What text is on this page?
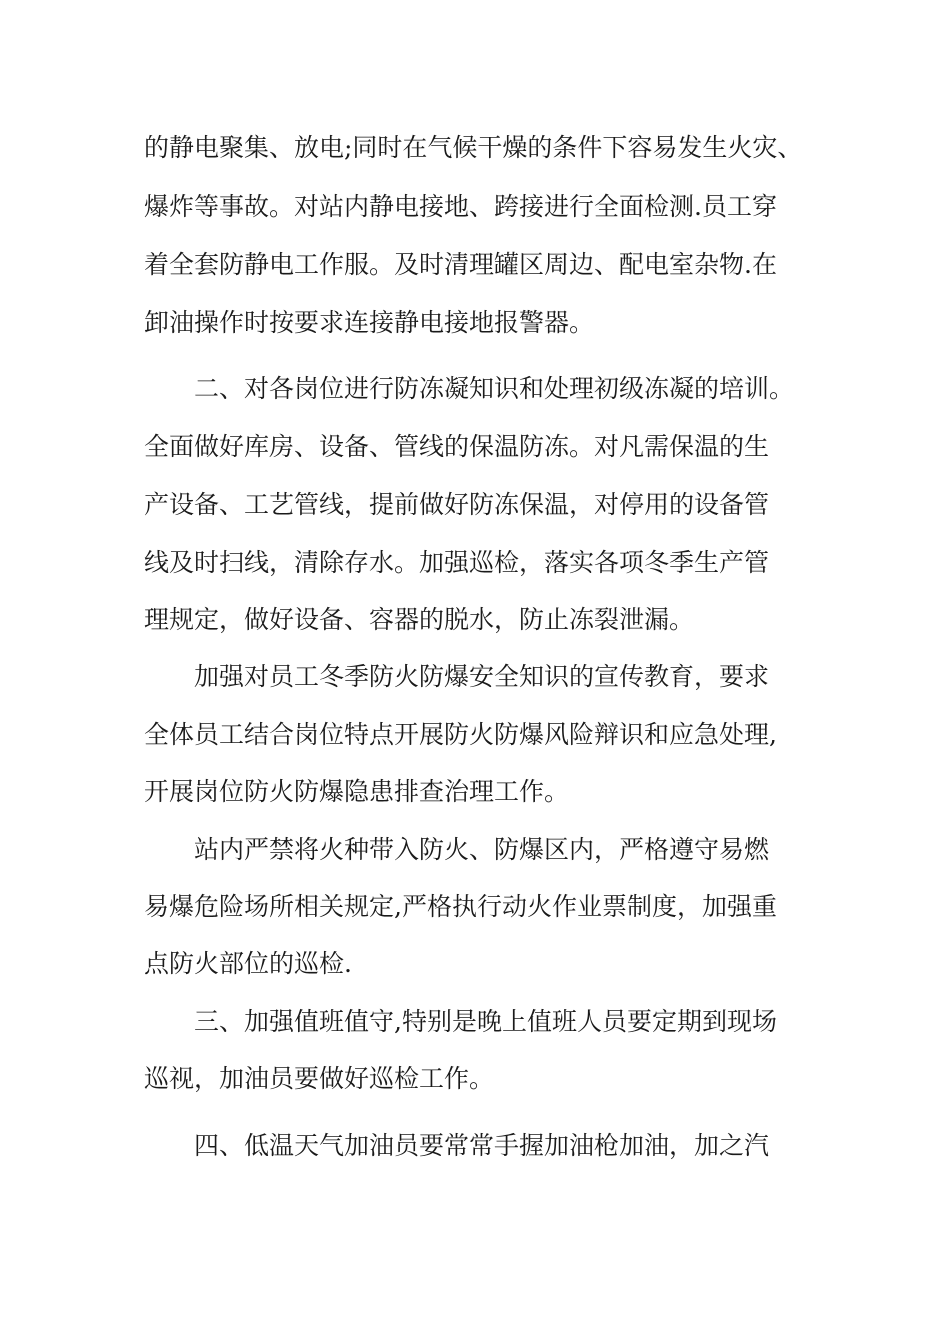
的静电聚集、放电;同时在气候干燥的条件下容易发生火灾、
爆炸等事故。对站内静电接地、跨接进行全面检测.员工穿
着全套防静电工作服。及时清理罐区周边、配电室杂物.在
卸油操作时按要求连接静电接地报警器。
二、对各岗位进行防冻凝知识和处理初级冻凝的培训。
全面做好库房、设备、管线的保温防冻。对凡需保温的生
产设备、工艺管线，提前做好防冻保温，对停用的设备管
线及时扫线，清除存水。加强巡检，落实各项冬季生产管
理规定，做好设备、容器的脱水，防止冻裂泄漏。
加强对员工冬季防火防爆安全知识的宣传教育，要求
全体员工结合岗位特点开展防火防爆风险辩识和应急处理,
开展岗位防火防爆隐患排查治理工作。
站内严禁将火种带入防火、防爆区内，严格遵守易燃
易爆危险场所相关规定,严格执行动火作业票制度，加强重
点防火部位的巡检.
三、加强值班值守,特别是晚上值班人员要定期到现场
巡视，加油员要做好巡检工作。
四、低温天气加油员要常常手握加油枪加油，加之汽
